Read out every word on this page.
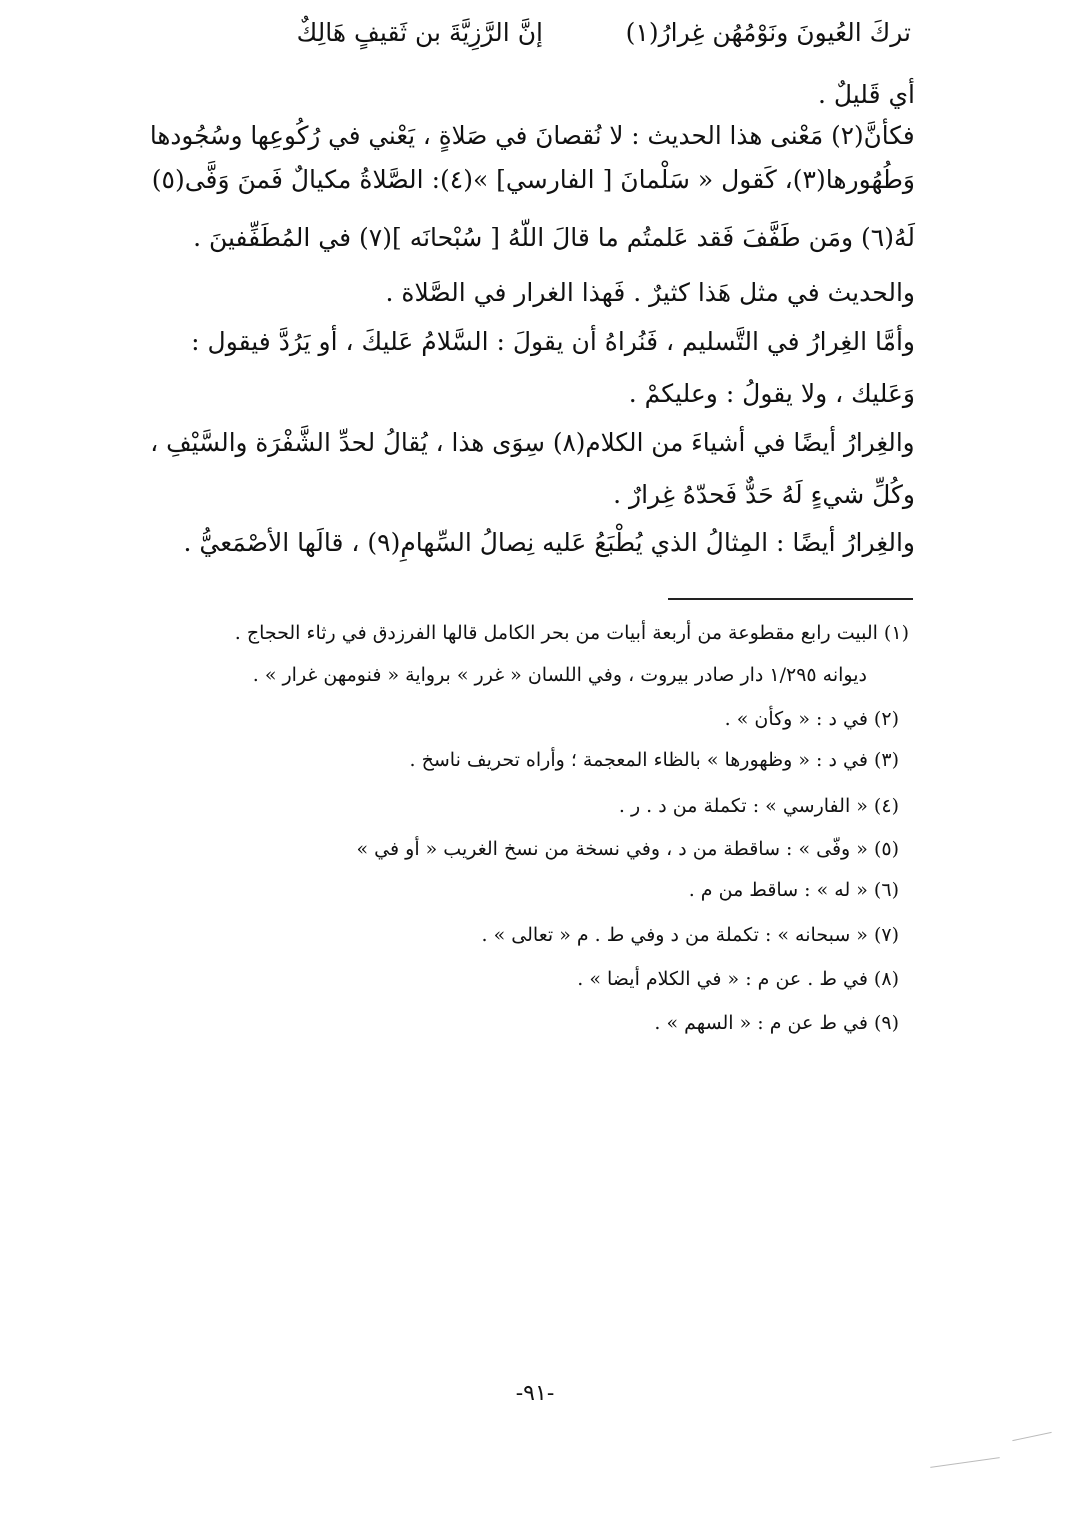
إنَّ الرَّزِيَّةَ بن ثَقيفٍ هَالِكٌ	تركَ العُيونَ ونَوْمُهُن غِرارُ(١)
أي قَليلٌ .
فكأنَّ(٢) مَعْنى هذا الحديث : لا نُقصانَ في صَلاةٍ ، يَعْني في رُكُوعِها وسُجُودها
وَطُهُورها(٣)، كَقول « سَلْمانَ [ الفارسي] »(٤): الصَّلاةُ مكيالٌ فَمنَ وَفَّى(٥)
لَهُ(٦) ومَن طَفَّفَ فَقد عَلمتُم ما قالَ اللّهُ [ سُبْحانَه ](٧) في المُطَفِّفينَ .
والحديث في مثل هَذا كثيرٌ . فَهذا الغرار في الصَّلاة .
وأمَّا الغِرارُ في التَّسليم ، فَنُراهُ أن يقولَ : السَّلامُ عَليكَ ، أو يَرُدَّ فيقول :
وَعَليك ، ولا يقولُ : وعليكمْ .
والغِرارُ أيضًا في أشياءَ من الكلام(٨) سِوَى هذا ، يُقالُ لحدِّ الشَّفْرَة والسَّيْفِ ،
وكُلِّ شيءٍ لَهُ حَدٌّ فَحدّهُ غِرارٌ .
والغِرارُ أيضًا : المِثالُ الذي يُطْبَعُ عَليه نِصالُ السِّهامِ(٩) ، قالَها الأصْمَعيُّ .
(١) البيت رابع مقطوعة من أربعة أبيات من بحر الكامل قالها الفرزدق في رثاء الحجاج .
ديوانه ١/٢٩٥ دار صادر بيروت ، وفي اللسان « غرر » برواية « فنومهن غرار » .
(٢) في د : « وكأن » .
(٣) في د : « وظهورها » بالظاء المعجمة ؛ وأراه تحريف ناسخ .
(٤) « الفارسي » : تكملة من د . ر .
(٥) « وفّى » : ساقطة من د ، وفي نسخة من نسخ الغريب « أو في »
(٦) « له » : ساقط من م .
(٧) « سبحانه » : تكملة من د وفي ط . م « تعالى » .
(٨) في ط . عن م : « في الكلام أيضا » .
(٩) في ط عن م : « السهم » .
-٩١-
